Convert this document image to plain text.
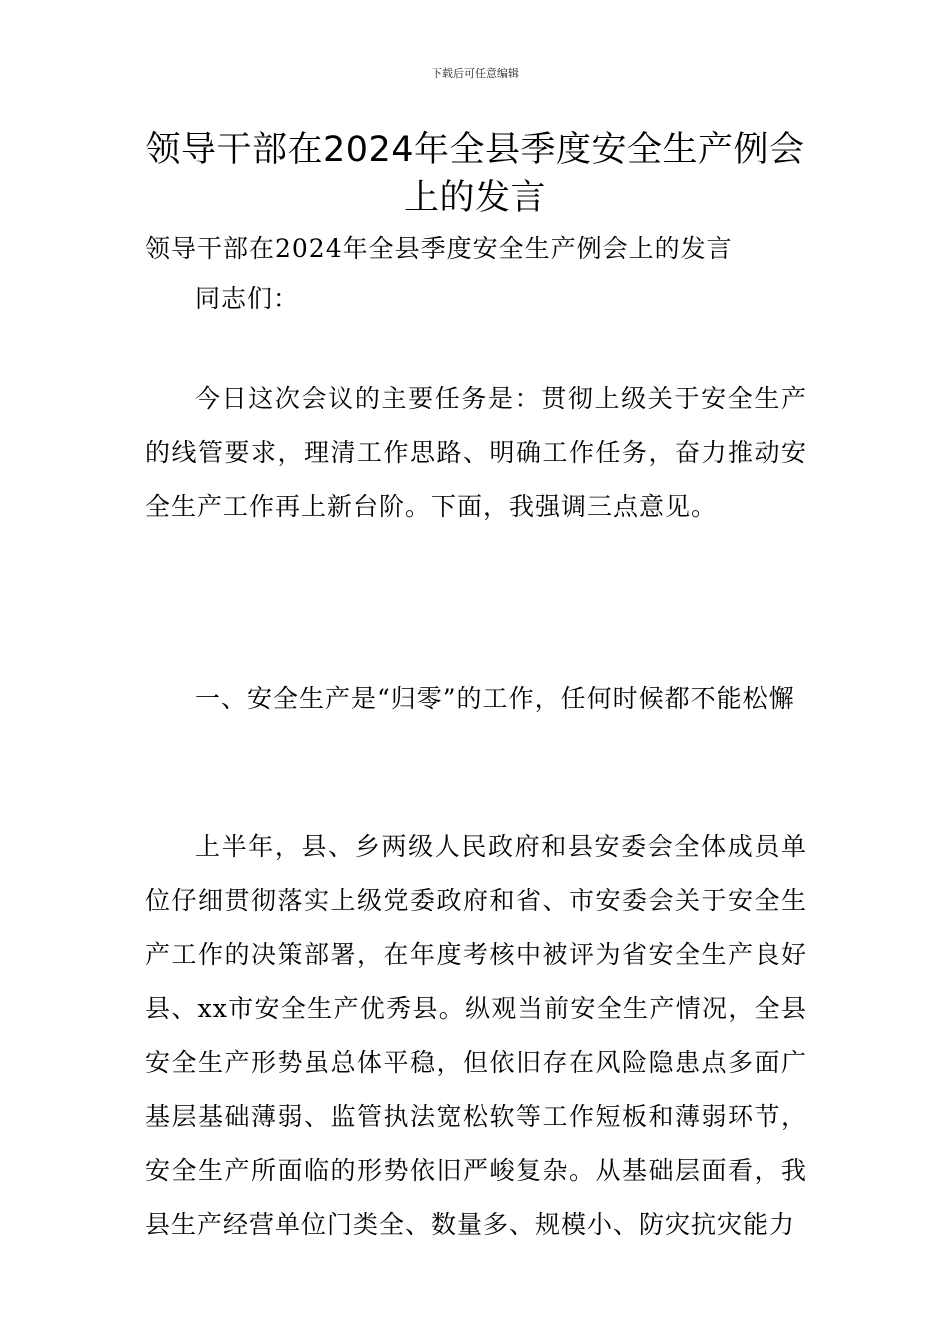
下载后可任意编辑
领导干部在2024年全县季度安全生产例会上的发言
领导干部在2024年全县季度安全生产例会上的发言
同志们：
今日这次会议的主要任务是：贯彻上级关于安全生产的线管要求，理清工作思路、明确工作任务，奋力推动安全生产工作再上新台阶。下面，我强调三点意见。
一、安全生产是“归零”的工作，任何时候都不能松懈
上半年，县、乡两级人民政府和县安委会全体成员单位仔细贯彻落实上级党委政府和省、市安委会关于安全生产工作的决策部署，在年度考核中被评为省安全生产良好县、xx市安全生产优秀县。纵观当前安全生产情况，全县安全生产形势虽总体平稳，但依旧存在风险隐患点多面广基层基础薄弱、监管执法宽松软等工作短板和薄弱环节，安全生产所面临的形势依旧严峻复杂。从基础层面看，我县生产经营单位门类全、数量多、规模小、防灾抗灾能力
